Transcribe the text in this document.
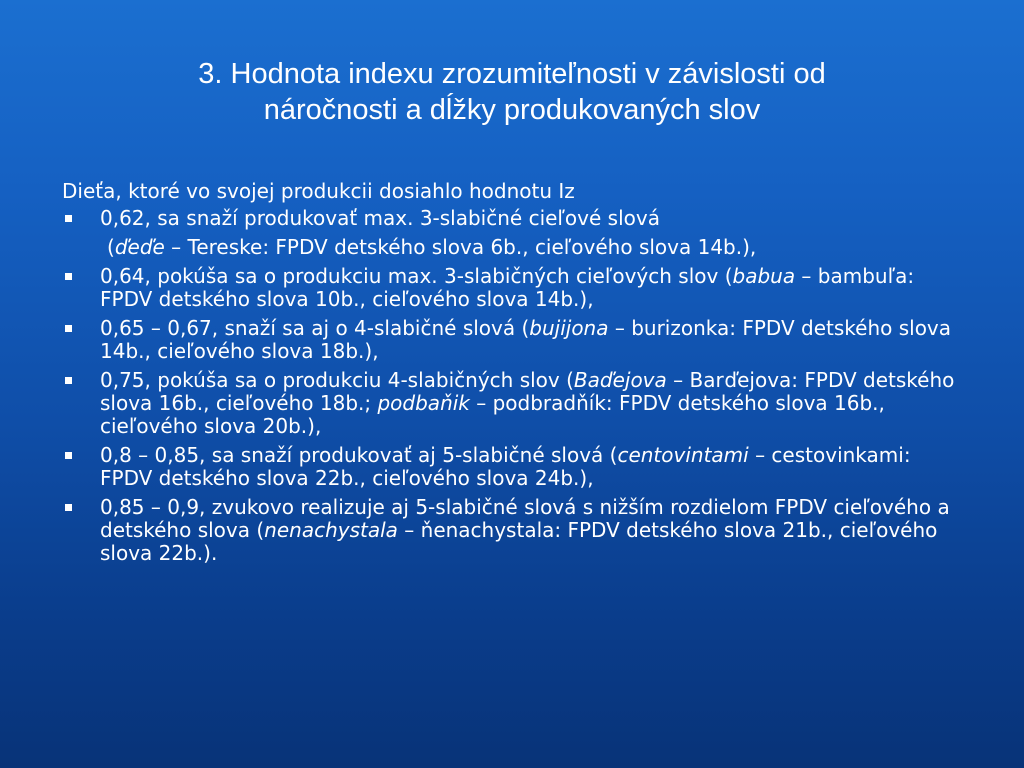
3. Hodnota indexu zrozumiteľnosti v závislosti od
náročnosti a dĺžky produkovaných slov
Dieťa, ktoré vo svojej produkcii dosiahlo hodnotu Iz
0,62, sa snaží produkovať max. 3-slabičné cieľové slová
(ďeďe – Tereske: FPDV detského slova 6b., cieľového slova 14b.),
0,64, pokúša sa o produkciu max. 3-slabičných cieľových slov (babua – bambuľa: FPDV detského slova 10b., cieľového slova 14b.),
0,65 – 0,67, snaží sa aj o 4-slabičné slová (bujijona – burizonka: FPDV detského slova 14b., cieľového slova 18b.),
0,75, pokúša sa o produkciu 4-slabičných slov (Baďejova – Barďejova: FPDV detského slova 16b., cieľového 18b.; podbaňik – podbradňík: FPDV detského slova 16b., cieľového slova 20b.),
0,8 – 0,85, sa snaží produkovať aj 5-slabičné slová (centovintami – cestovinkami: FPDV detského slova 22b., cieľového slova 24b.),
0,85 – 0,9, zvukovo realizuje aj 5-slabičné slová s nižším rozdielom FPDV cieľového a detského slova (nenachystala – ňenachystala: FPDV detského slova 21b., cieľového slova 22b.).
